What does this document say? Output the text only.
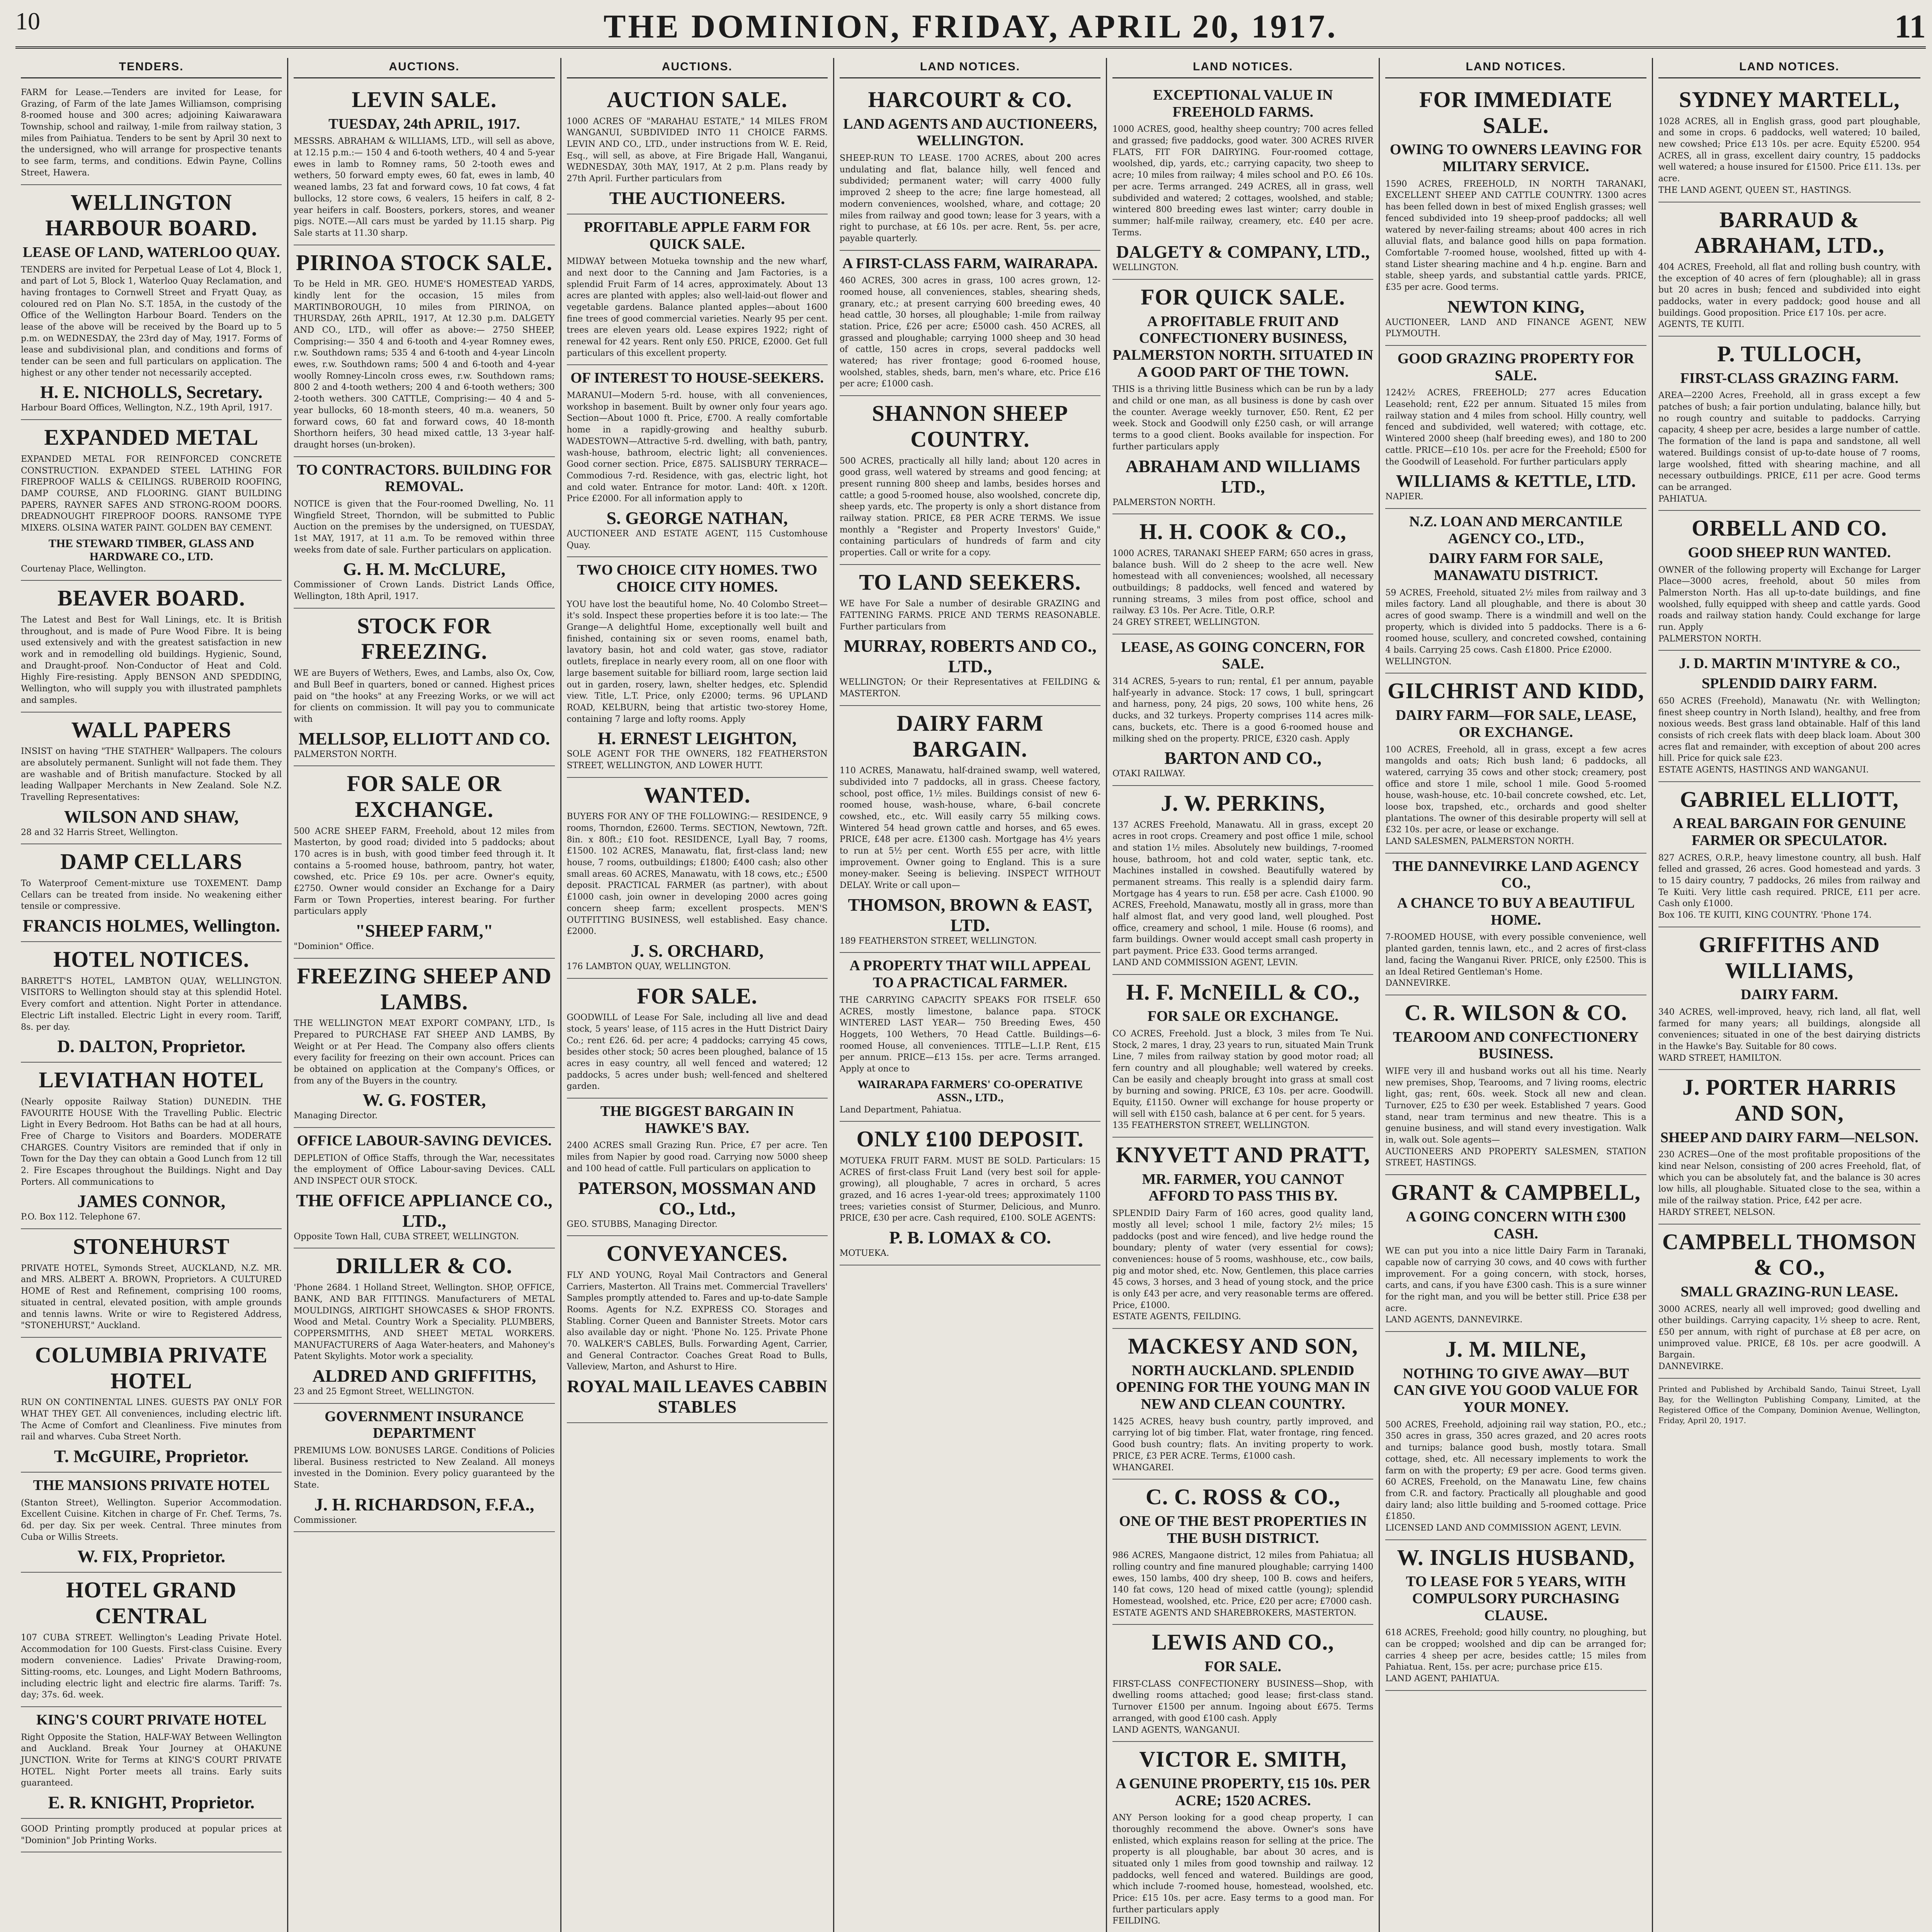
10	THE DOMINION, FRIDAY, APRIL 20, 1917.	11
TENDERS.
FARM for Lease.—Tenders are invited for Lease, for Grazing, of Farm of the late James Williamson, comprising 8-roomed house and 300 acres; adjoining Kaiwarawara Township, school and railway, 1-mile from railway station, 3 miles from Paihiatua. Tenders to be sent by April 30 next to the undersigned, who will arrange for prospective tenants to see farm, terms, and conditions. Edwin Payne, Collins Street, Hawera.
WELLINGTON HARBOUR BOARD.
LEASE OF LAND, WATERLOO QUAY.
TENDERS are invited for Perpetual Lease of Lot 4, Block 1, and part of Lot 5, Block 1, Waterloo Quay Reclamation, and having frontages to Cornwell Street and Fryatt Quay, as coloured red on Plan No. S.T. 185A, in the custody of the Office of the Wellington Harbour Board. Tenders on the lease of the above will be received by the Board up to 5 p.m. on WEDNESDAY, the 23rd day of May, 1917. Forms of lease and subdivisional plan, and conditions and forms of tender can be seen and full particulars on application. The highest or any other tender not necessarily accepted.
H. E. NICHOLLS, Secretary.
Harbour Board Offices, Wellington, N.Z., 19th April, 1917.
EXPANDED METAL
EXPANDED METAL FOR REINFORCED CONCRETE CONSTRUCTION. EXPANDED STEEL LATHING FOR FIREPROOF WALLS & CEILINGS. RUBEROID ROOFING, DAMP COURSE, AND FLOORING. GIANT BUILDING PAPERS, RAYNER SAFES AND STRONG-ROOM DOORS. DREADNOUGHT FIREPROOF DOORS. RANSOME TYPE MIXERS. OLSINA WATER PAINT. GOLDEN BAY CEMENT.
THE STEWARD TIMBER, GLASS AND HARDWARE CO., LTD.
Courtenay Place, Wellington.
BEAVER BOARD.
The Latest and Best for Wall Linings, etc. It is British throughout, and is made of Pure Wood Fibre. It is being used extensively and with the greatest satisfaction in new work and in remodelling old buildings. Hygienic, Sound, and Draught-proof. Non-Conductor of Heat and Cold. Highly Fire-resisting. Apply BENSON AND SPEDDING, Wellington, who will supply you with illustrated pamphlets and samples.
WALL PAPERS
INSIST on having "THE STATHER" Wallpapers. The colours are absolutely permanent. Sunlight will not fade them. They are washable and of British manufacture. Stocked by all leading Wallpaper Merchants in New Zealand. Sole N.Z. Travelling Representatives:
WILSON AND SHAW,
28 and 32 Harris Street, Wellington.
DAMP CELLARS
To Waterproof Cement-mixture use TOXEMENT. Damp Cellars can be treated from inside. No weakening either tensile or compressive.
FRANCIS HOLMES, Wellington.
HOTEL NOTICES.
BARRETT'S HOTEL, LAMBTON QUAY, WELLINGTON. VISITORS to Wellington should stay at this splendid Hotel. Every comfort and attention. Night Porter in attendance. Electric Lift installed. Electric Light in every room. Tariff, 8s. per day.
D. DALTON, Proprietor.
LEVIATHAN HOTEL
(Nearly opposite Railway Station) DUNEDIN. THE FAVOURITE HOUSE With the Travelling Public. Electric Light in Every Bedroom. Hot Baths can be had at all hours, Free of Charge to Visitors and Boarders. MODERATE CHARGES. Country Visitors are reminded that if only in Town for the Day they can obtain a Good Lunch from 12 till 2. Fire Escapes throughout the Buildings. Night and Day Porters. All communications to
JAMES CONNOR,
P.O. Box 112. Telephone 67.
STONEHURST
PRIVATE HOTEL, Symonds Street, AUCKLAND, N.Z. MR. and MRS. ALBERT A. BROWN, Proprietors. A CULTURED HOME of Rest and Refinement, comprising 100 rooms, situated in central, elevated position, with ample grounds and tennis lawns. Write or wire to Registered Address, "STONEHURST," Auckland.
COLUMBIA PRIVATE HOTEL
RUN ON CONTINENTAL LINES. GUESTS PAY ONLY FOR WHAT THEY GET. All conveniences, including electric lift. The Acme of Comfort and Cleanliness. Five minutes from rail and wharves. Cuba Street North.
T. McGUIRE, Proprietor.
THE MANSIONS PRIVATE HOTEL
(Stanton Street), Wellington. Superior Accommodation. Excellent Cuisine. Kitchen in charge of Fr. Chef. Terms, 7s. 6d. per day. Six per week. Central. Three minutes from Cuba or Willis Streets.
W. FIX, Proprietor.
HOTEL GRAND CENTRAL
107 CUBA STREET. Wellington's Leading Private Hotel. Accommodation for 100 Guests. First-class Cuisine. Every modern convenience. Ladies' Private Drawing-room, Sitting-rooms, etc. Lounges, and Light Modern Bathrooms, including electric light and electric fire alarms. Tariff: 7s. day; 37s. 6d. week.
KING'S COURT PRIVATE HOTEL
Right Opposite the Station, HALF-WAY Between Wellington and Auckland. Break Your Journey at OHAKUNE JUNCTION. Write for Terms at KING'S COURT PRIVATE HOTEL. Night Porter meets all trains. Early suits guaranteed.
E. R. KNIGHT, Proprietor.
GOOD Printing promptly produced at popular prices at "Dominion" Job Printing Works.
AUCTIONS.
LEVIN SALE.
TUESDAY, 24th APRIL, 1917.
MESSRS. ABRAHAM & WILLIAMS, LTD., will sell as above, at 12.15 p.m.:— 150 4 and 6-tooth wethers, 40 4 and 5-year ewes in lamb to Romney rams, 50 2-tooth ewes and wethers, 50 forward empty ewes, 60 fat, ewes in lamb, 40 weaned lambs, 23 fat and forward cows, 10 fat cows, 4 fat bullocks, 12 store cows, 6 vealers, 15 heifers in calf, 8 2-year heifers in calf. Boosters, porkers, stores, and weaner pigs. NOTE.—All cars must be yarded by 11.15 sharp. Pig Sale starts at 11.30 sharp.
PIRINOA STOCK SALE.
To be Held in MR. GEO. HUME'S HOMESTEAD YARDS, kindly lent for the occasion, 15 miles from MARTINBOROUGH, 10 miles from PIRINOA, on THURSDAY, 26th APRIL, 1917, At 12.30 p.m. DALGETY AND CO., LTD., will offer as above:— 2750 SHEEP, Comprising:— 350 4 and 6-tooth and 4-year Romney ewes, r.w. Southdown rams; 535 4 and 6-tooth and 4-year Lincoln ewes, r.w. Southdown rams; 500 4 and 6-tooth and 4-year woolly Romney-Lincoln cross ewes, r.w. Southdown rams; 800 2 and 4-tooth wethers; 200 4 and 6-tooth wethers; 300 2-tooth wethers. 300 CATTLE, Comprising:— 40 4 and 5-year bullocks, 60 18-month steers, 40 m.a. weaners, 50 forward cows, 60 fat and forward cows, 40 18-month Shorthorn heifers, 30 head mixed cattle, 13 3-year half-draught horses (un-broken).
TO CONTRACTORS. BUILDING FOR REMOVAL.
NOTICE is given that the Four-roomed Dwelling, No. 11 Wingfield Street, Thorndon, will be submitted to Public Auction on the premises by the undersigned, on TUESDAY, 1st MAY, 1917, at 11 a.m. To be removed within three weeks from date of sale. Further particulars on application.
G. H. M. McCLURE,
Commissioner of Crown Lands. District Lands Office, Wellington, 18th April, 1917.
STOCK FOR FREEZING.
WE are Buyers of Wethers, Ewes, and Lambs, also Ox, Cow, and Bull Beef in quarters, boned or canned. Highest prices paid on "the hooks" at any Freezing Works, or we will act for clients on commission. It will pay you to communicate with
MELLSOP, ELLIOTT AND CO.
PALMERSTON NORTH.
FOR SALE OR EXCHANGE.
500 ACRE SHEEP FARM, Freehold, about 12 miles from Masterton, by good road; divided into 5 paddocks; about 170 acres is in bush, with good timber feed through it. It contains a 5-roomed house, bathroom, pantry, hot water, cowshed, etc. Price £9 10s. per acre. Owner's equity, £2750. Owner would consider an Exchange for a Dairy Farm or Town Properties, interest bearing. For further particulars apply
"SHEEP FARM,"
"Dominion" Office.
FREEZING SHEEP AND LAMBS.
THE WELLINGTON MEAT EXPORT COMPANY, LTD., Is Prepared to PURCHASE FAT SHEEP AND LAMBS, By Weight or at Per Head. The Company also offers clients every facility for freezing on their own account. Prices can be obtained on application at the Company's Offices, or from any of the Buyers in the country.
W. G. FOSTER,
Managing Director.
OFFICE LABOUR-SAVING DEVICES.
DEPLETION of Office Staffs, through the War, necessitates the employment of Office Labour-saving Devices. CALL AND INSPECT OUR STOCK.
THE OFFICE APPLIANCE CO., LTD.,
Opposite Town Hall, CUBA STREET, WELLINGTON.
DRILLER & CO.
'Phone 2684. 1 Holland Street, Wellington. SHOP, OFFICE, BANK, AND BAR FITTINGS. Manufacturers of METAL MOULDINGS, AIRTIGHT SHOWCASES & SHOP FRONTS. Wood and Metal. Country Work a Speciality. PLUMBERS, COPPERSMITHS, AND SHEET METAL WORKERS. MANUFACTURERS of Aaga Water-heaters, and Mahoney's Patent Skylights. Motor work a speciality.
ALDRED AND GRIFFITHS,
23 and 25 Egmont Street, WELLINGTON.
GOVERNMENT INSURANCE DEPARTMENT
PREMIUMS LOW. BONUSES LARGE. Conditions of Policies liberal. Business restricted to New Zealand. All moneys invested in the Dominion. Every policy guaranteed by the State.
J. H. RICHARDSON, F.F.A.,
Commissioner.
AUCTIONS.
AUCTION SALE.
1000 ACRES OF "MARAHAU ESTATE," 14 MILES FROM WANGANUI, SUBDIVIDED INTO 11 CHOICE FARMS. LEVIN AND CO., LTD., under instructions from W. E. Reid, Esq., will sell, as above, at Fire Brigade Hall, Wanganui, WEDNESDAY, 30th MAY, 1917, At 2 p.m. Plans ready by 27th April. Further particulars from
THE AUCTIONEERS.
PROFITABLE APPLE FARM FOR QUICK SALE.
MIDWAY between Motueka township and the new wharf, and next door to the Canning and Jam Factories, is a splendid Fruit Farm of 14 acres, approximately. About 13 acres are planted with apples; also well-laid-out flower and vegetable gardens. Balance planted apples—about 1600 fine trees of good commercial varieties. Nearly 95 per cent. trees are eleven years old. Lease expires 1922; right of renewal for 42 years. Rent only £50. PRICE, £2000. Get full particulars of this excellent property.
OF INTEREST TO HOUSE-SEEKERS.
MARANUI—Modern 5-rd. house, with all conveniences, workshop in basement. Built by owner only four years ago. Section—About 1000 ft. Price, £700. A really comfortable home in a rapidly-growing and healthy suburb. WADESTOWN—Attractive 5-rd. dwelling, with bath, pantry, wash-house, bathroom, electric light; all conveniences. Good corner section. Price, £875. SALISBURY TERRACE—Commodious 7-rd. Residence, with gas, electric light, hot and cold water. Entrance for motor. Land: 40ft. x 120ft. Price £2000. For all information apply to
S. GEORGE NATHAN,
AUCTIONEER AND ESTATE AGENT, 115 Customhouse Quay.
TWO CHOICE CITY HOMES. TWO CHOICE CITY HOMES.
YOU have lost the beautiful home, No. 40 Colombo Street—it's sold. Inspect these properties before it is too late:— The Grange—A delightful Home, exceptionally well built and finished, containing six or seven rooms, enamel bath, lavatory basin, hot and cold water, gas stove, radiator outlets, fireplace in nearly every room, all on one floor with large basement suitable for billiard room, large section laid out in garden, rosery, lawn, shelter hedges, etc. Splendid view. Title, L.T. Price, only £2000; terms. 96 UPLAND ROAD, KELBURN, being that artistic two-storey Home, containing 7 large and lofty rooms. Apply
H. ERNEST LEIGHTON,
SOLE AGENT FOR THE OWNERS, 182 FEATHERSTON STREET, WELLINGTON, AND LOWER HUTT.
WANTED.
BUYERS FOR ANY OF THE FOLLOWING:— RESIDENCE, 9 rooms, Thorndon, £2600. Terms. SECTION, Newtown, 72ft. 8in. x 80ft.; £10 foot. RESIDENCE, Lyall Bay, 7 rooms, £1500. 102 ACRES, Manawatu, flat, first-class land; new house, 7 rooms, outbuildings; £1800; £400 cash; also other small areas. 60 ACRES, Manawatu, with 18 cows, etc.; £500 deposit. PRACTICAL FARMER (as partner), with about £1000 cash, join owner in developing 2000 acres going concern sheep farm; excellent prospects. MEN'S OUTFITTING BUSINESS, well established. Easy chance. £2000.
J. S. ORCHARD,
176 LAMBTON QUAY, WELLINGTON.
FOR SALE.
GOODWILL of Lease For Sale, including all live and dead stock, 5 years' lease, of 115 acres in the Hutt District Dairy Co.; rent £26. 6d. per acre; 4 paddocks; carrying 45 cows, besides other stock; 50 acres been ploughed, balance of 15 acres in easy country, all well fenced and watered; 12 paddocks, 5 acres under bush; well-fenced and sheltered garden.
THE BIGGEST BARGAIN IN HAWKE'S BAY.
2400 ACRES small Grazing Run. Price, £7 per acre. Ten miles from Napier by good road. Carrying now 5000 sheep and 100 head of cattle. Full particulars on application to
PATERSON, MOSSMAN AND CO., Ltd.,
GEO. STUBBS, Managing Director.
CONVEYANCES.
FLY AND YOUNG, Royal Mail Contractors and General Carriers, Masterton. All Trains met. Commercial Travellers' Samples promptly attended to. Fares and up-to-date Sample Rooms. Agents for N.Z. EXPRESS CO. Storages and Stabling. Corner Queen and Bannister Streets. Motor cars also available day or night. 'Phone No. 125. Private Phone 70. WALKER'S CABLES, Bulls. Forwarding Agent, Carrier, and General Contractor. Coaches Great Road to Bulls, Valleview, Marton, and Ashurst to Hire.
ROYAL MAIL LEAVES CABBIN STABLES
LAND NOTICES.
HARCOURT & CO.
LAND AGENTS AND AUCTIONEERS, WELLINGTON.
SHEEP-RUN TO LEASE. 1700 ACRES, about 200 acres undulating and flat, balance hilly, well fenced and subdivided; permanent water; will carry 4000 fully improved 2 sheep to the acre; fine large homestead, all modern conveniences, woolshed, whare, and cottage; 20 miles from railway and good town; lease for 3 years, with a right to purchase, at £6 10s. per acre. Rent, 5s. per acre, payable quarterly.
A FIRST-CLASS FARM, WAIRARAPA.
460 ACRES, 300 acres in grass, 100 acres grown, 12-roomed house, all conveniences, stables, shearing sheds, granary, etc.; at present carrying 600 breeding ewes, 40 head cattle, 30 horses, all ploughable; 1-mile from railway station. Price, £26 per acre; £5000 cash. 450 ACRES, all grassed and ploughable; carrying 1000 sheep and 30 head of cattle, 150 acres in crops, several paddocks well watered; has river frontage; good 6-roomed house, woolshed, stables, sheds, barn, men's whare, etc. Price £16 per acre; £1000 cash.
SHANNON SHEEP COUNTRY.
500 ACRES, practically all hilly land; about 120 acres in good grass, well watered by streams and good fencing; at present running 800 sheep and lambs, besides horses and cattle; a good 5-roomed house, also woolshed, concrete dip, sheep yards, etc. The property is only a short distance from railway station. PRICE, £8 PER ACRE TERMS. We issue monthly a "Register and Property Investors' Guide," containing particulars of hundreds of farm and city properties. Call or write for a copy.
TO LAND SEEKERS.
WE have For Sale a number of desirable GRAZING and FATTENING FARMS. PRICE AND TERMS REASONABLE. Further particulars from
MURRAY, ROBERTS AND CO., LTD.,
WELLINGTON; Or their Representatives at FEILDING & MASTERTON.
DAIRY FARM BARGAIN.
110 ACRES, Manawatu, half-drained swamp, well watered, subdivided into 7 paddocks, all in grass. Cheese factory, school, post office, 1½ miles. Buildings consist of new 6-roomed house, wash-house, whare, 6-bail concrete cowshed, etc., etc. Will easily carry 55 milking cows. Wintered 54 head grown cattle and horses, and 65 ewes. PRICE, £48 per acre. £1300 cash. Mortgage has 4½ years to run at 5½ per cent. Worth £55 per acre, with little improvement. Owner going to England. This is a sure money-maker. Seeing is believing. INSPECT WITHOUT DELAY. Write or call upon—
THOMSON, BROWN & EAST, LTD.
189 FEATHERSTON STREET, WELLINGTON.
A PROPERTY THAT WILL APPEAL TO A PRACTICAL FARMER.
THE CARRYING CAPACITY SPEAKS FOR ITSELF. 650 ACRES, mostly limestone, balance papa. STOCK WINTERED LAST YEAR— 750 Breeding Ewes, 450 Hoggets, 100 Wethers, 70 Head Cattle. Buildings—6-roomed House, all conveniences. TITLE—L.I.P. Rent, £15 per annum. PRICE—£13 15s. per acre. Terms arranged. Apply at once to
WAIRARAPA FARMERS' CO-OPERATIVE ASSN., LTD.,
Land Department, Pahiatua.
ONLY £100 DEPOSIT.
MOTUEKA FRUIT FARM. MUST BE SOLD. Particulars: 15 ACRES of first-class Fruit Land (very best soil for apple-growing), all ploughable, 7 acres in orchard, 5 acres grazed, and 16 acres 1-year-old trees; approximately 1100 trees; varieties consist of Sturmer, Delicious, and Munro. PRICE, £30 per acre. Cash required, £100. SOLE AGENTS:
P. B. LOMAX & CO.
MOTUEKA.
LAND NOTICES.
EXCEPTIONAL VALUE IN FREEHOLD FARMS.
1000 ACRES, good, healthy sheep country; 700 acres felled and grassed; five paddocks, good water. 300 ACRES RIVER FLATS, FIT FOR DAIRYING. Four-roomed cottage, woolshed, dip, yards, etc.; carrying capacity, two sheep to acre; 10 miles from railway; 4 miles school and P.O. £6 10s. per acre. Terms arranged. 249 ACRES, all in grass, well subdivided and watered; 2 cottages, woolshed, and stable; wintered 800 breeding ewes last winter; carry double in summer; half-mile railway, creamery, etc. £40 per acre. Terms.
DALGETY & COMPANY, LTD.,
WELLINGTON.
FOR QUICK SALE.
A PROFITABLE FRUIT AND CONFECTIONERY BUSINESS, PALMERSTON NORTH. SITUATED IN A GOOD PART OF THE TOWN.
THIS is a thriving little Business which can be run by a lady and child or one man, as all business is done by cash over the counter. Average weekly turnover, £50. Rent, £2 per week. Stock and Goodwill only £250 cash, or will arrange terms to a good client. Books available for inspection. For further particulars apply
ABRAHAM AND WILLIAMS LTD.,
PALMERSTON NORTH.
H. H. COOK & CO.,
1000 ACRES, TARANAKI SHEEP FARM; 650 acres in grass, balance bush. Will do 2 sheep to the acre well. New homestead with all conveniences; woolshed, all necessary outbuildings; 8 paddocks, well fenced and watered by running streams, 3 miles from post office, school and railway. £3 10s. Per Acre. Title, O.R.P.
24 GREY STREET, WELLINGTON.
LEASE, AS GOING CONCERN, FOR SALE.
314 ACRES, 5-years to run; rental, £1 per annum, payable half-yearly in advance. Stock: 17 cows, 1 bull, springcart and harness, pony, 24 pigs, 20 sows, 100 white hens, 26 ducks, and 32 turkeys. Property comprises 114 acres milk-cans, buckets, etc. There is a good 6-roomed house and milking shed on the property. PRICE, £320 cash. Apply
BARTON AND CO.,
OTAKI RAILWAY.
J. W. PERKINS,
137 ACRES Freehold, Manawatu. All in grass, except 20 acres in root crops. Creamery and post office 1 mile, school and station 1½ miles. Absolutely new buildings, 7-roomed house, bathroom, hot and cold water, septic tank, etc. Machines installed in cowshed. Beautifully watered by permanent streams. This really is a splendid dairy farm. Mortgage has 4 years to run. £58 per acre. Cash £1000. 90 ACRES, Freehold, Manawatu, mostly all in grass, more than half almost flat, and very good land, well ploughed. Post office, creamery and school, 1 mile. House (6 rooms), and farm buildings. Owner would accept small cash property in part payment. Price £33. Good terms arranged.
LAND AND COMMISSION AGENT, LEVIN.
H. F. McNEILL & CO.,
FOR SALE OR EXCHANGE.
CO ACRES, Freehold. Just a block, 3 miles from Te Nui. Stock, 2 mares, 1 dray, 23 years to run, situated Main Trunk Line, 7 miles from railway station by good motor road; all fern country and all ploughable; well watered by creeks. Can be easily and cheaply brought into grass at small cost by burning and sowing. PRICE, £3 10s. per acre. Goodwill. Equity, £1150. Owner will exchange for house property or will sell with £150 cash, balance at 6 per cent. for 5 years.
135 FEATHERSTON STREET, WELLINGTON.
KNYVETT AND PRATT,
MR. FARMER, YOU CANNOT AFFORD TO PASS THIS BY.
SPLENDID Dairy Farm of 160 acres, good quality land, mostly all level; school 1 mile, factory 2½ miles; 15 paddocks (post and wire fenced), and live hedge round the boundary; plenty of water (very essential for cows); conveniences: house of 5 rooms, washhouse, etc., cow bails, pig and motor shed, etc. Now, Gentlemen, this place carries 45 cows, 3 horses, and 3 head of young stock, and the price is only £43 per acre, and very reasonable terms are offered. Price, £1000.
ESTATE AGENTS, FEILDING.
MACKESY AND SON,
NORTH AUCKLAND. SPLENDID OPENING FOR THE YOUNG MAN IN NEW AND CLEAN COUNTRY.
1425 ACRES, heavy bush country, partly improved, and carrying lot of big timber. Flat, water frontage, ring fenced. Good bush country; flats. An inviting property to work. PRICE, £3 PER ACRE. Terms, £1000 cash.
WHANGAREI.
C. C. ROSS & CO.,
ONE OF THE BEST PROPERTIES IN THE BUSH DISTRICT.
986 ACRES, Mangaone district, 12 miles from Pahiatua; all rolling country and fine manured ploughable; carrying 1400 ewes, 150 lambs, 400 dry sheep, 100 B. cows and heifers, 140 fat cows, 120 head of mixed cattle (young); splendid Homestead, woolshed, etc. Price, £20 per acre; £7000 cash.
ESTATE AGENTS AND SHAREBROKERS, MASTERTON.
LEWIS AND CO.,
FOR SALE.
FIRST-CLASS CONFECTIONERY BUSINESS—Shop, with dwelling rooms attached; good lease; first-class stand. Turnover £1500 per annum. Ingoing about £675. Terms arranged, with good £100 cash. Apply
LAND AGENTS, WANGANUI.
VICTOR E. SMITH,
A GENUINE PROPERTY, £15 10s. PER ACRE; 1520 ACRES.
ANY Person looking for a good cheap property, I can thoroughly recommend the above. Owner's sons have enlisted, which explains reason for selling at the price. The property is all ploughable, bar about 30 acres, and is situated only 1 miles from good township and railway. 12 paddocks, well fenced and watered. Buildings are good, which include 7-roomed house, homestead, woolshed, etc. Price: £15 10s. per acre. Easy terms to a good man. For further particulars apply
FEILDING.
LAND NOTICES.
FOR IMMEDIATE SALE.
OWING TO OWNERS LEAVING FOR MILITARY SERVICE.
1590 ACRES, FREEHOLD, IN NORTH TARANAKI, EXCELLENT SHEEP AND CATTLE COUNTRY. 1300 acres has been felled down in best of mixed English grasses; well fenced subdivided into 19 sheep-proof paddocks; all well watered by never-failing streams; about 400 acres in rich alluvial flats, and balance good hills on papa formation. Comfortable 7-roomed house, woolshed, fitted up with 4-stand Lister shearing machine and 4 h.p. engine. Barn and stable, sheep yards, and substantial cattle yards. PRICE, £35 per acre. Good terms.
NEWTON KING,
AUCTIONEER, LAND AND FINANCE AGENT, NEW PLYMOUTH.
GOOD GRAZING PROPERTY FOR SALE.
1242½ ACRES, FREEHOLD; 277 acres Education Leasehold; rent, £22 per annum. Situated 15 miles from railway station and 4 miles from school. Hilly country, well fenced and subdivided, well watered; with cottage, etc. Wintered 2000 sheep (half breeding ewes), and 180 to 200 cattle. PRICE—£10 10s. per acre for the Freehold; £500 for the Goodwill of Leasehold. For further particulars apply
WILLIAMS & KETTLE, LTD.
NAPIER.
N.Z. LOAN AND MERCANTILE AGENCY CO., LTD.,
DAIRY FARM FOR SALE, MANAWATU DISTRICT.
59 ACRES, Freehold, situated 2½ miles from railway and 3 miles factory. Land all ploughable, and there is about 30 acres of good swamp. There is a windmill and well on the property, which is divided into 5 paddocks. There is a 6-roomed house, scullery, and concreted cowshed, containing 4 bails. Carrying 25 cows. Cash £1800. Price £2000.
WELLINGTON.
GILCHRIST AND KIDD,
DAIRY FARM—FOR SALE, LEASE, OR EXCHANGE.
100 ACRES, Freehold, all in grass, except a few acres mangolds and oats; Rich bush land; 6 paddocks, all watered, carrying 35 cows and other stock; creamery, post office and store 1 mile, school 1 mile. Good 5-roomed house, wash-house, etc. 10-bail concrete cowshed, etc. Let, loose box, trapshed, etc., orchards and good shelter plantations. The owner of this desirable property will sell at £32 10s. per acre, or lease or exchange.
LAND SALESMEN, PALMERSTON NORTH.
THE DANNEVIRKE LAND AGENCY CO.,
A CHANCE TO BUY A BEAUTIFUL HOME.
7-ROOMED HOUSE, with every possible convenience, well planted garden, tennis lawn, etc., and 2 acres of first-class land, facing the Wanganui River. PRICE, only £2500. This is an Ideal Retired Gentleman's Home.
DANNEVIRKE.
C. R. WILSON & CO.
TEAROOM AND CONFECTIONERY BUSINESS.
WIFE very ill and husband works out all his time. Nearly new premises, Shop, Tearooms, and 7 living rooms, electric light, gas; rent, 60s. week. Stock all new and clean. Turnover, £25 to £30 per week. Established 7 years. Good stand, near tram terminus and new theatre. This is a genuine business, and will stand every investigation. Walk in, walk out. Sole agents—
AUCTIONEERS AND PROPERTY SALESMEN, STATION STREET, HASTINGS.
GRANT & CAMPBELL,
A GOING CONCERN WITH £300 CASH.
WE can put you into a nice little Dairy Farm in Taranaki, capable now of carrying 30 cows, and 40 cows with further improvement. For a going concern, with stock, horses, carts, and cans, if you have £300 cash. This is a sure winner for the right man, and you will be better still. Price £38 per acre.
LAND AGENTS, DANNEVIRKE.
J. M. MILNE,
NOTHING TO GIVE AWAY—BUT CAN GIVE YOU GOOD VALUE FOR YOUR MONEY.
500 ACRES, Freehold, adjoining rail way station, P.O., etc.; 350 acres in grass, 350 acres grazed, and 20 acres roots and turnips; balance good bush, mostly totara. Small cottage, shed, etc. All necessary implements to work the farm on with the property; £9 per acre. Good terms given. 60 ACRES, Freehold, on the Manawatu Line, few chains from C.R. and factory. Practically all ploughable and good dairy land; also little building and 5-roomed cottage. Price £1850.
LICENSED LAND AND COMMISSION AGENT, LEVIN.
W. INGLIS HUSBAND,
TO LEASE FOR 5 YEARS, WITH COMPULSORY PURCHASING CLAUSE.
618 ACRES, Freehold; good hilly country, no ploughing, but can be cropped; woolshed and dip can be arranged for; carries 4 sheep per acre, besides cattle; 15 miles from Pahiatua. Rent, 15s. per acre; purchase price £15.
LAND AGENT, PAHIATUA.
LAND NOTICES.
SYDNEY MARTELL,
1028 ACRES, all in English grass, good part ploughable, and some in crops. 6 paddocks, well watered; 10 bailed, new cowshed; Price £13 10s. per acre. Equity £5200. 954 ACRES, all in grass, excellent dairy country, 15 paddocks well watered; a house insured for £1500. Price £11. 13s. per acre.
THE LAND AGENT, QUEEN ST., HASTINGS.
BARRAUD & ABRAHAM, LTD.,
404 ACRES, Freehold, all flat and rolling bush country, with the exception of 40 acres of fern (ploughable); all in grass but 20 acres in bush; fenced and subdivided into eight paddocks, water in every paddock; good house and all buildings. Good proposition. Price £17 10s. per acre.
AGENTS, TE KUITI.
P. TULLOCH,
FIRST-CLASS GRAZING FARM.
AREA—2200 Acres, Freehold, all in grass except a few patches of bush; a fair portion undulating, balance hilly, but no rough country and suitable to paddocks. Carrying capacity, 4 sheep per acre, besides a large number of cattle. The formation of the land is papa and sandstone, all well watered. Buildings consist of up-to-date house of 7 rooms, large woolshed, fitted with shearing machine, and all necessary outbuildings. PRICE, £11 per acre. Good terms can be arranged.
PAHIATUA.
ORBELL AND CO.
GOOD SHEEP RUN WANTED.
OWNER of the following property will Exchange for Larger Place—3000 acres, freehold, about 50 miles from Palmerston North. Has all up-to-date buildings, and fine woolshed, fully equipped with sheep and cattle yards. Good roads and railway station handy. Could exchange for large run. Apply
PALMERSTON NORTH.
J. D. MARTIN M'INTYRE & CO.,
SPLENDID DAIRY FARM.
650 ACRES (Freehold), Manawatu (Nr. with Wellington; finest sheep country in North Island), healthy, and free from noxious weeds. Best grass land obtainable. Half of this land consists of rich creek flats with deep black loam. About 300 acres flat and remainder, with exception of about 200 acres hill. Price for quick sale £23.
ESTATE AGENTS, HASTINGS AND WANGANUI.
GABRIEL ELLIOTT,
A REAL BARGAIN FOR GENUINE FARMER OR SPECULATOR.
827 ACRES, O.R.P., heavy limestone country, all bush. Half felled and grassed, 26 acres. Good homestead and yards. 3 to 15 dairy country, 7 paddocks, 26 miles from railway and Te Kuiti. Very little cash required. PRICE, £11 per acre. Cash only £1000.
Box 106. TE KUITI, KING COUNTRY. 'Phone 174.
GRIFFITHS AND WILLIAMS,
DAIRY FARM.
340 ACRES, well-improved, heavy, rich land, all flat, well farmed for many years; all buildings, alongside all conveniences; situated in one of the best dairying districts in the Hawke's Bay. Suitable for 80 cows.
WARD STREET, HAMILTON.
J. PORTER HARRIS AND SON,
SHEEP AND DAIRY FARM—NELSON.
230 ACRES—One of the most profitable propositions of the kind near Nelson, consisting of 200 acres Freehold, flat, of which you can be absolutely fat, and the balance is 30 acres low hills, all ploughable. Situated close to the sea, within a mile of the railway station. Price, £42 per acre.
HARDY STREET, NELSON.
CAMPBELL THOMSON & CO.,
SMALL GRAZING-RUN LEASE.
3000 ACRES, nearly all well improved; good dwelling and other buildings. Carrying capacity, 1½ sheep to acre. Rent, £50 per annum, with right of purchase at £8 per acre, on unimproved value. PRICE, £8 10s. per acre goodwill. A Bargain.
DANNEVIRKE.
Printed and Published by Archibald Sando, Tainui Street, Lyall Bay, for the Wellington Publishing Company, Limited, at the Registered Office of the Company, Dominion Avenue, Wellington, Friday, April 20, 1917.
